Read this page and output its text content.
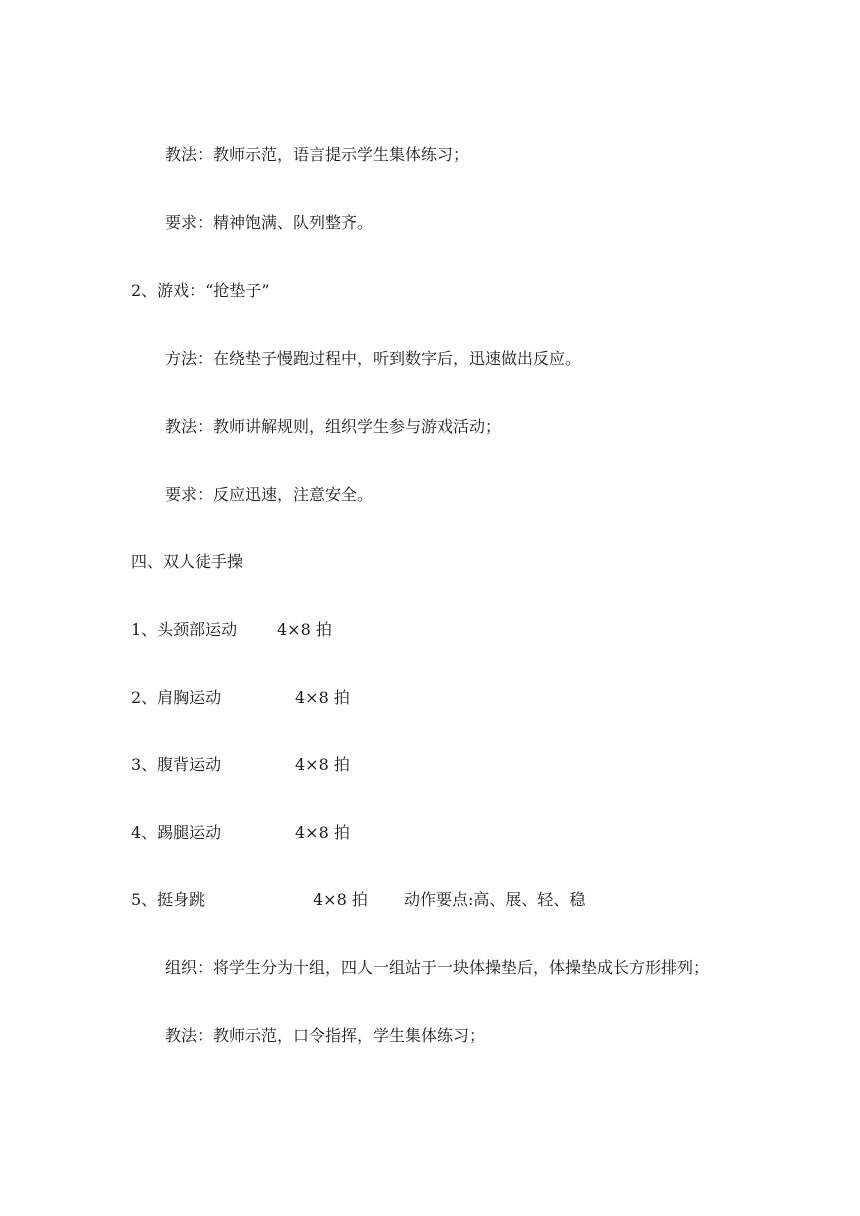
教法：教师示范，语言提示学生集体练习；
要求：精神饱满、队列整齐。
2、游戏：“抢垫子”
方法：在绕垫子慢跑过程中，听到数字后，迅速做出反应。
教法：教师讲解规则，组织学生参与游戏活动；
要求：反应迅速，注意安全。
四、双人徒手操
1、头颈部运动 4×8 拍
2、肩胸运动	4×8 拍
3、腹背运动	4×8 拍
4、踢腿运动	4×8 拍
5、挺身跳	4×8 拍 动作要点:高、展、轻、稳
组织：将学生分为十组，四人一组站于一块体操垫后，体操垫成长方形排列；
教法：教师示范，口令指挥，学生集体练习；
